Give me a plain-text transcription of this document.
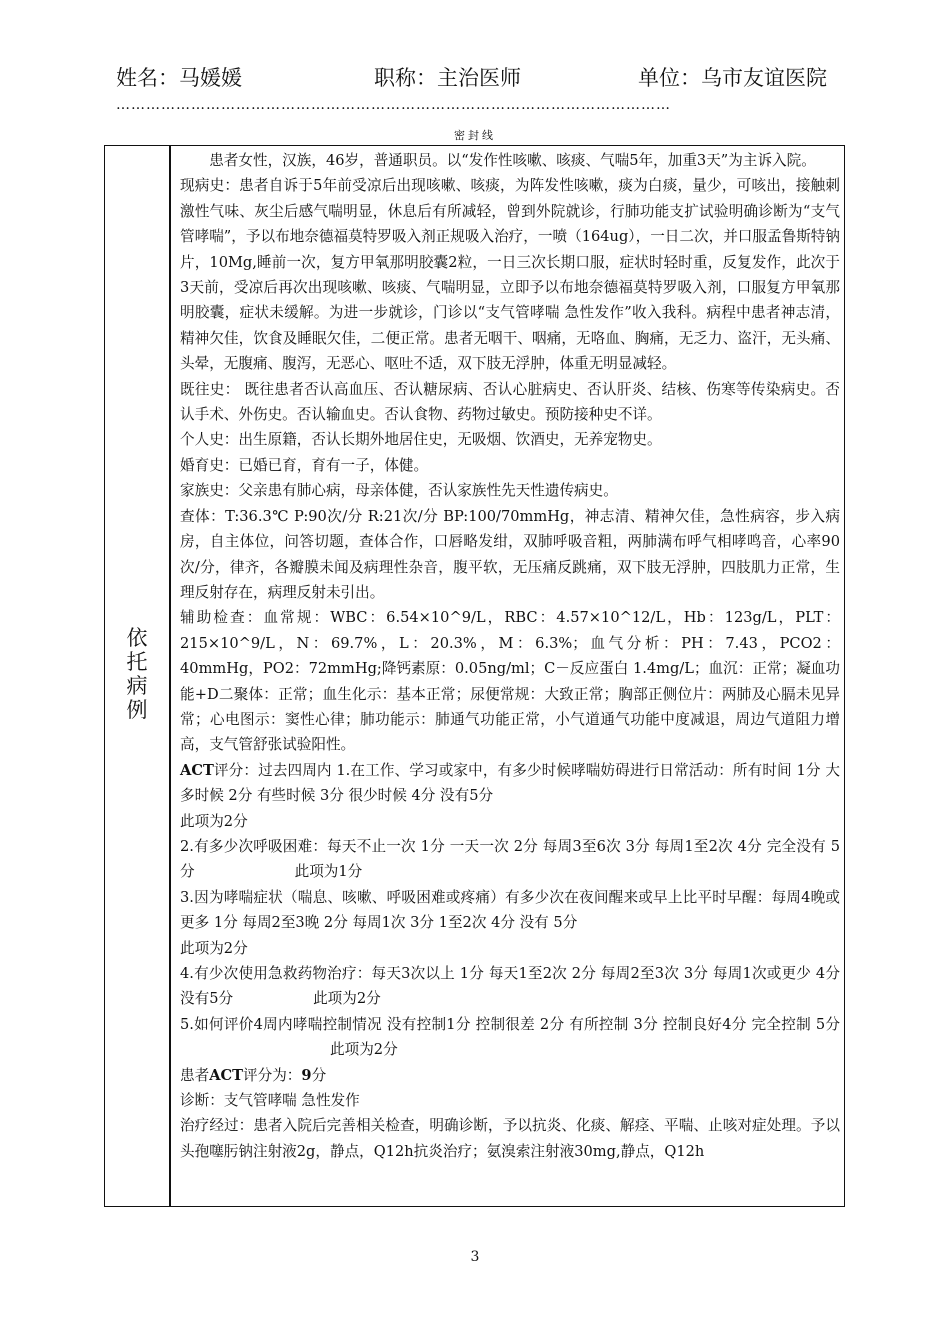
姓名：马媛媛	职称：主治医师	单位：乌市友谊医院
…………………………………………………………………………………………………
密封线
依
托
病
例

患者女性，汉族，46岁，普通职员。以“发作性咳嗽、咳痰、气喘5年，加重3天”为主诉入院。

现病史：患者自诉于5年前受凉后出现咳嗽、咳痰，为阵发性咳嗽，痰为白痰，量少，可咳出，接触刺激性气味、灰尘后感气喘明显，休息后有所减轻，曾到外院就诊，行肺功能支扩试验明确诊断为“支气管哮喘”，予以布地奈德福莫特罗吸入剂正规吸入治疗，一喷（164ug），一日二次，并口服孟鲁斯特钠片，10Mg,睡前一次，复方甲氧那明胶囊2粒，一日三次长期口服，症状时轻时重，反复发作，此次于3天前，受凉后再次出现咳嗽、咳痰、气喘明显，立即予以布地奈德福莫特罗吸入剂，口服复方甲氧那明胶囊，症状未缓解。为进一步就诊，门诊以“支气管哮喘 急性发作”收入我科。病程中患者神志清，精神欠佳，饮食及睡眠欠佳，二便正常。患者无咽干、咽痛，无咯血、胸痛，无乏力、盗汗，无头痛、头晕，无腹痛、腹泻，无恶心、呕吐不适，双下肢无浮肿，体重无明显减轻。

既往史： 既往患者否认高血压、否认糖尿病、否认心脏病史、否认肝炎、结核、伤寒等传染病史。否认手术、外伤史。否认输血史。否认食物、药物过敏史。预防接种史不详。

个人史：出生原籍，否认长期外地居住史，无吸烟、饮酒史，无养宠物史。

婚育史：已婚已育，育有一子，体健。

家族史：父亲患有肺心病，母亲体健，否认家族性先天性遗传病史。

查体：T:36.3℃ P:90次/分 R:21次/分 BP:100/70mmHg，神志清、精神欠佳，急性病容，步入病房，自主体位，问答切题，查体合作，口唇略发绀，双肺呼吸音粗，两肺满布呼气相哮鸣音，心率90次/分，律齐，各瓣膜未闻及病理性杂音，腹平软，无压痛反跳痛，双下肢无浮肿，四肢肌力正常，生理反射存在，病理反射未引出。

辅助检查：血常规：WBC：6.54×10^9/L，RBC：4.57×10^12/L，Hb：123g/L，PLT：215×10^9/L，N：69.7%，L：20.3%，M：6.3%；血气分析：PH：7.43，PCO2：40mmHg，PO2：72mmHg;降钙素原：0.05ng/ml；C－反应蛋白 1.4mg/L；血沉：正常；凝血功能+D二聚体：正常；血生化示：基本正常；尿便常规：大致正常；胸部正侧位片：两肺及心膈未见异常；心电图示：窦性心律；肺功能示：肺通气功能正常，小气道通气功能中度减退，周边气道阻力增高，支气管舒张试验阳性。

ACT评分：过去四周内 1.在工作、学习或家中，有多少时候哮喘妨碍进行日常活动：所有时间 1分 大多时候 2分 有些时候 3分 很少时候 4分 没有5分

此项为2分

2.有多少次呼吸困难：每天不止一次 1分 一天一次 2分 每周3至6次 3分 每周1至2次 4分 完全没有 5分	此项为1分

3.因为哮喘症状（喘息、咳嗽、呼吸困难或疼痛）有多少次在夜间醒来或早上比平时早醒：每周4晚或更多 1分 每周2至3晚 2分 每周1次 3分 1至2次 4分 没有 5分

此项为2分

4.有少次使用急救药物治疗：每天3次以上 1分 每天1至2次 2分 每周2至3次 3分 每周1次或更少 4分 没有5分	此项为2分

5.如何评价4周内哮喘控制情况 没有控制1分 控制很差 2分 有所控制 3分 控制良好4分 完全控制 5分此项为2分

患者ACT评分为：9分

诊断：支气管哮喘 急性发作

治疗经过：患者入院后完善相关检查，明确诊断，予以抗炎、化痰、解痉、平喘、止咳对症处理。予以头孢噻肟钠注射液2g，静点，Q12h抗炎治疗；氨溴索注射液30mg,静点，Q12h

3
